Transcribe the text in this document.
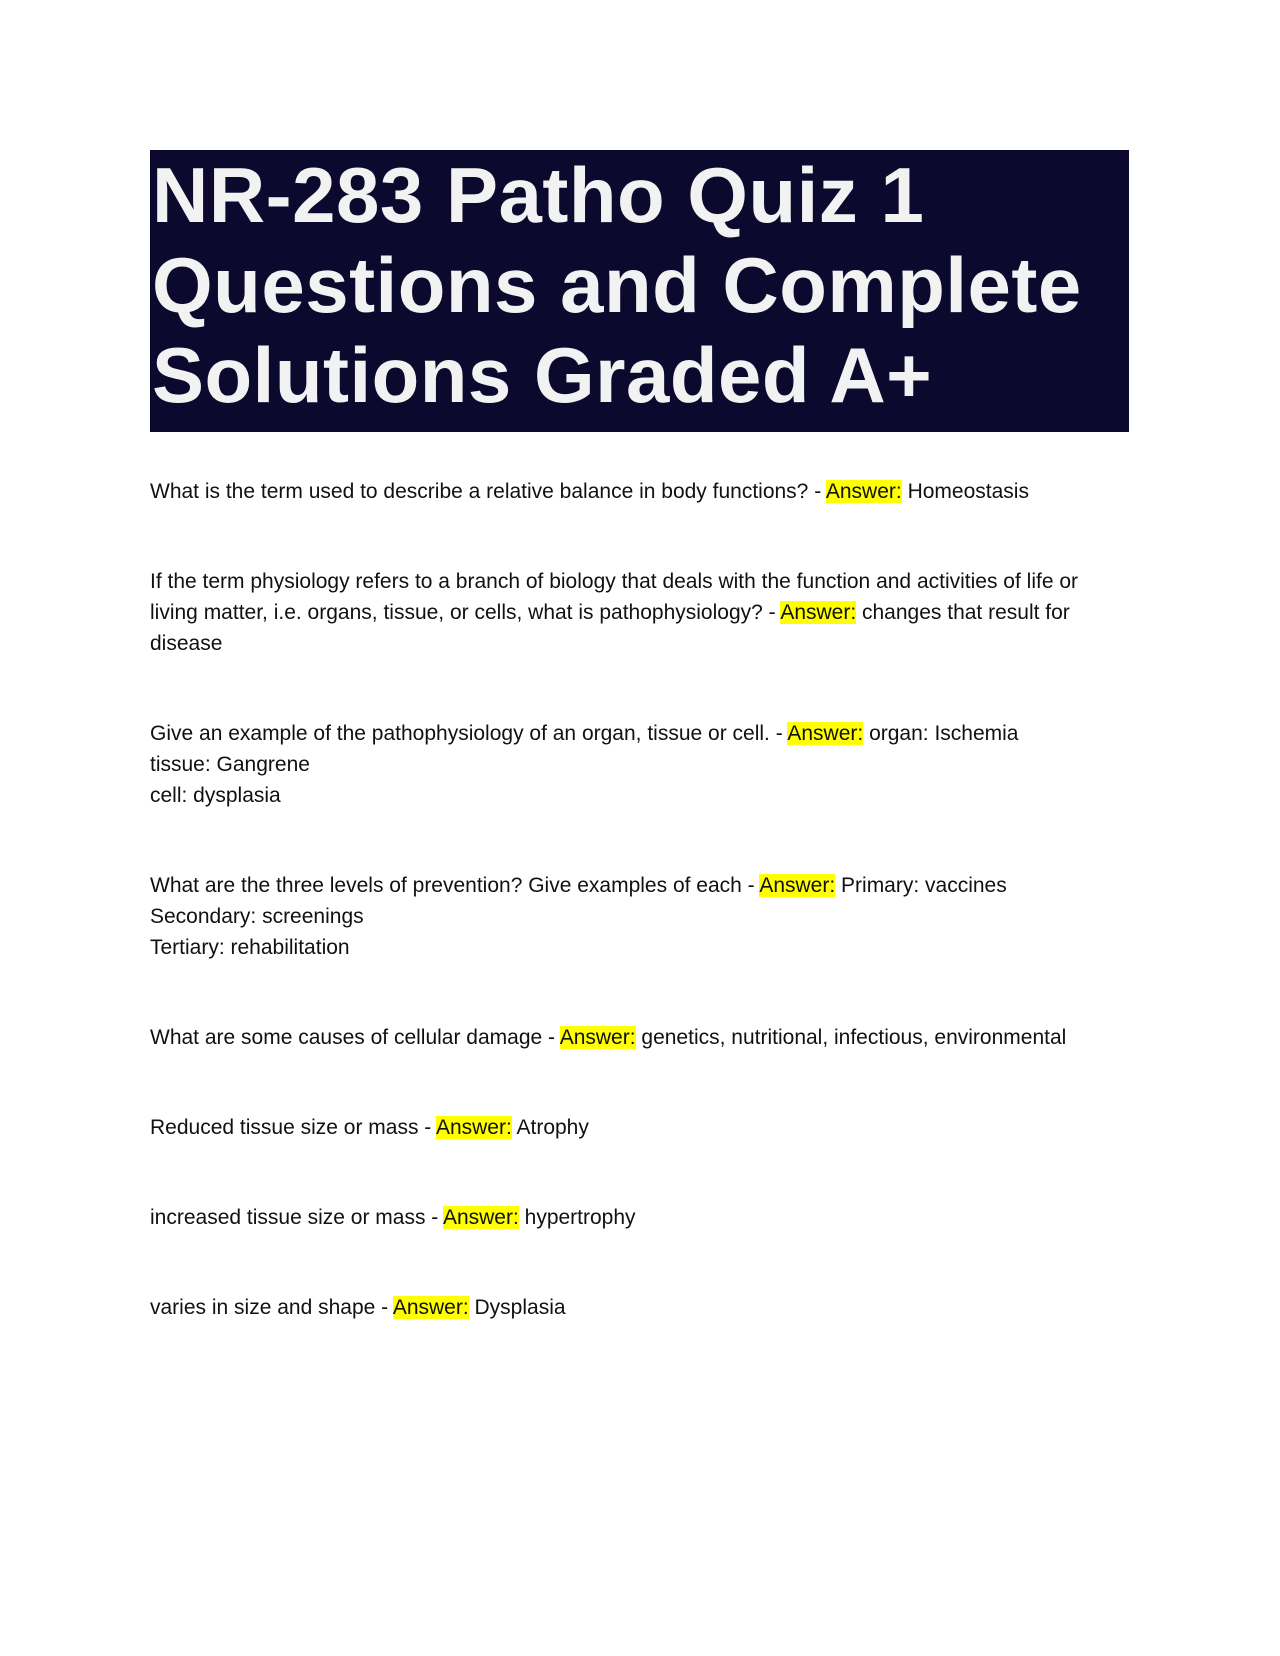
NR-283 Patho Quiz 1
Questions and Complete
Solutions Graded A+

What is the term used to describe a relative balance in body functions? - Answer: Homeostasis

If the term physiology refers to a branch of biology that deals with the function and activities of life or living matter, i.e. organs, tissue, or cells, what is pathophysiology? - Answer: changes that result for disease

Give an example of the pathophysiology of an organ, tissue or cell. - Answer: organ: Ischemia

tissue: Gangrene

cell: dysplasia

What are the three levels of prevention? Give examples of each - Answer: Primary: vaccines

Secondary: screenings

Tertiary: rehabilitation

What are some causes of cellular damage - Answer: genetics, nutritional, infectious, environmental

Reduced tissue size or mass - Answer: Atrophy

increased tissue size or mass - Answer: hypertrophy

varies in size and shape - Answer: Dysplasia
